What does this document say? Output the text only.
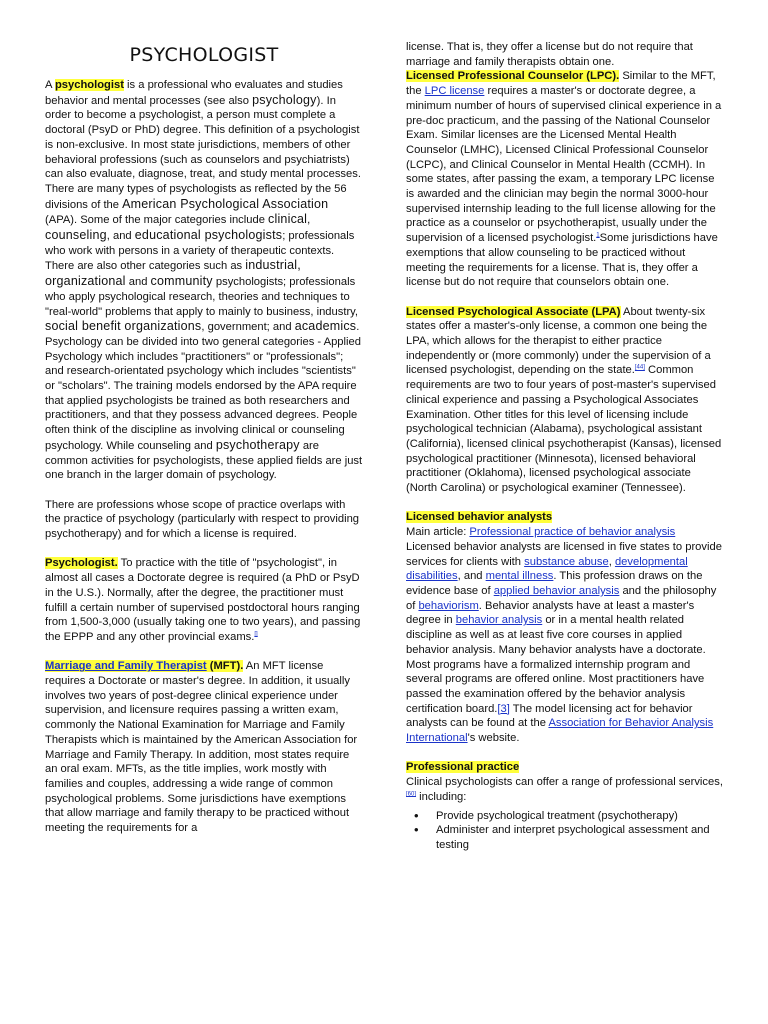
PSYCHOLOGIST

A psychologist is a professional who evaluates and studies behavior and mental processes (see also psychology). In order to become a psychologist, a person must complete a doctoral (PsyD or PhD) degree. This definition of a psychologist is non-exclusive. In most state jurisdictions, members of other behavioral professions (such as counselors and psychiatrists) can also evaluate, diagnose, treat, and study mental processes. There are many types of psychologists as reflected by the 56 divisions of the American Psychological Association (APA). Some of the major categories include clinical, counseling, and educational psychologists; professionals who work with persons in a variety of therapeutic contexts. There are also other categories such as industrial, organizational and community psychologists; professionals who apply psychological research, theories and techniques to "real-world" problems that apply to mainly to business, industry, social benefit organizations, government; and academics. Psychology can be divided into two general categories - Applied Psychology which includes "practitioners" or "professionals"; and research-orientated psychology which includes "scientists" or "scholars". The training models endorsed by the APA require that applied psychologists be trained as both researchers and practitioners, and that they possess advanced degrees. People often think of the discipline as involving clinical or counseling psychology. While counseling and psychotherapy are common activities for psychologists, these applied fields are just one branch in the larger domain of psychology.

There are professions whose scope of practice overlaps with the practice of psychology (particularly with respect to providing psychotherapy) and for which a license is required.

Psychologist. To practice with the title of "psychologist", in almost all cases a Doctorate degree is required (a PhD or PsyD in the U.S.). Normally, after the degree, the practitioner must fulfill a certain number of supervised postdoctoral hours ranging from 1,500-3,000 (usually taking one to two years), and passing the EPPP and any other provincial exams.[]

Marriage and Family Therapist (MFT). An MFT license requires a Doctorate or master's degree. In addition, it usually involves two years of post-degree clinical experience under supervision, and licensure requires passing a written exam, commonly the National Examination for Marriage and Family Therapists which is maintained by the American Association for Marriage and Family Therapy. In addition, most states require an oral exam. MFTs, as the title implies, work mostly with families and couples, addressing a wide range of common psychological problems. Some jurisdictions have exemptions that allow marriage and family therapy to be practiced without meeting the requirements for a

license. That is, they offer a license but do not require that marriage and family therapists obtain one.

Licensed Professional Counselor (LPC). Similar to the MFT, the LPC license requires a master's or doctorate degree, a minimum number of hours of supervised clinical experience in a pre-doc practicum, and the passing of the National Counselor Exam. Similar licenses are the Licensed Mental Health Counselor (LMHC), Licensed Clinical Professional Counselor (LCPC), and Clinical Counselor in Mental Health (CCMH). In some states, after passing the exam, a temporary LPC license is awarded and the clinician may begin the normal 3000-hour supervised internship leading to the full license allowing for the practice as a counselor or psychotherapist, usually under the supervision of a licensed psychologist.$^1$Some jurisdictions have exemptions that allow counseling to be practiced without meeting the requirements for a license. That is, they offer a license but do not require that counselors obtain one.

Licensed Psychological Associate (LPA) About twenty-six states offer a master's-only license, a common one being the LPA, which allows for the therapist to either practice independently or (more commonly) under the supervision of a licensed psychologist, depending on the state.[44] Common requirements are two to four years of post-master's supervised clinical experience and passing a Psychological Associates Examination. Other titles for this level of licensing include psychological technician (Alabama), psychological assistant (California), licensed clinical psychotherapist (Kansas), licensed psychological practitioner (Minnesota), licensed behavioral practitioner (Oklahoma), licensed psychological associate (North Carolina) or psychological examiner (Tennessee).

Licensed behavior analysts

Main article: Professional practice of behavior analysis

Licensed behavior analysts are licensed in five states to provide services for clients with substance abuse, developmental disabilities, and mental illness. This profession draws on the evidence base of applied behavior analysis and the philosophy of behaviorism. Behavior analysts have at least a master's degree in behavior analysis or in a mental health related discipline as well as at least five core courses in applied behavior analysis. Many behavior analysts have a doctorate. Most programs have a formalized internship program and several programs are offered online. Most practitioners have passed the examination offered by the behavior analysis certification board.[3] The model licensing act for behavior analysts can be found at the Association for Behavior Analysis International's website.

Professional practice

Clinical psychologists can offer a range of professional services,[60] including:

• Provide psychological treatment (psychotherapy)
• Administer and interpret psychological assessment and testing
